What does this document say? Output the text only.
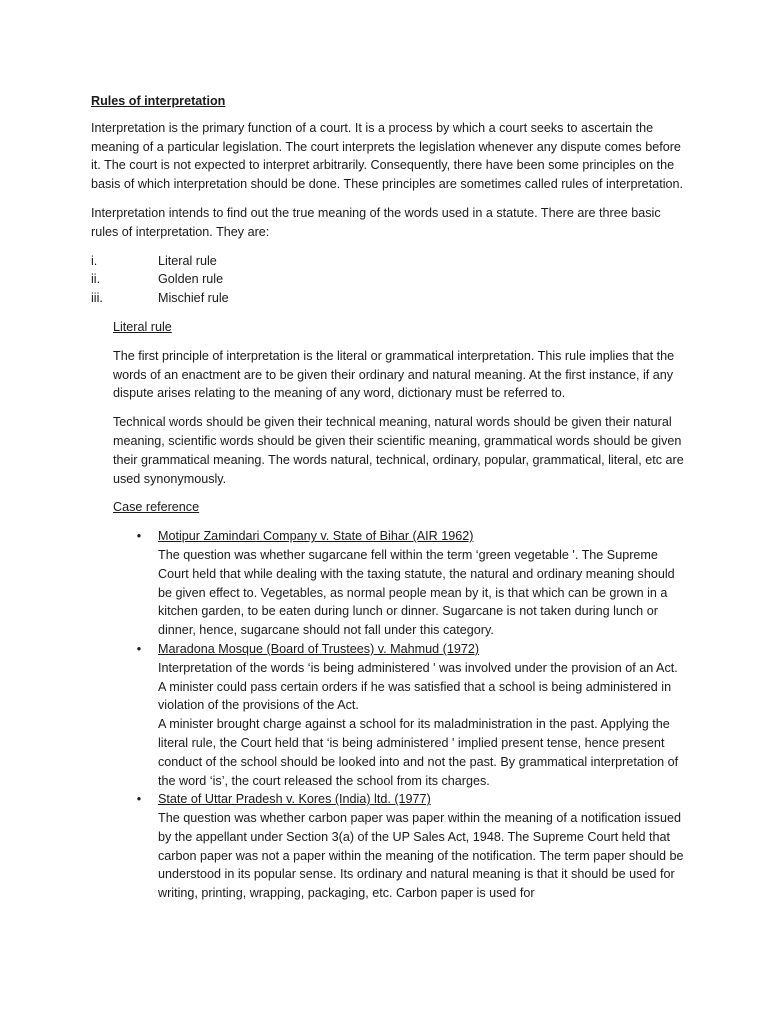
Rules of interpretation

Interpretation is the primary function of a court. It is a process by which a court seeks to ascertain the meaning of a particular legislation. The court interprets the legislation whenever any dispute comes before it. The court is not expected to interpret arbitrarily. Consequently, there have been some principles on the basis of which interpretation should be done. These principles are sometimes called rules of interpretation.

Interpretation intends to find out the true meaning of the words used in a statute. There are three basic rules of interpretation. They are:

i.	Literal rule
ii.	Golden rule
iii.	Mischief rule
Literal rule

The first principle of interpretation is the literal or grammatical interpretation. This rule implies that the words of an enactment are to be given their ordinary and natural meaning. At the first instance, if any dispute arises relating to the meaning of any word, dictionary must be referred to.

Technical words should be given their technical meaning, natural words should be given their natural meaning, scientific words should be given their scientific meaning, grammatical words should be given their grammatical meaning. The words natural, technical, ordinary, popular, grammatical, literal, etc are used synonymously.

Case reference
• Motipur Zamindari Company v. State of Bihar (AIR 1962)
The question was whether sugarcane fell within the term ‘green vegetable '. The Supreme Court held that while dealing with the taxing statute, the natural and ordinary meaning should be given effect to. Vegetables, as normal people mean by it, is that which can be grown in a kitchen garden, to be eaten during lunch or dinner. Sugarcane is not taken during lunch or dinner, hence, sugarcane should not fall under this category.
• Maradona Mosque (Board of Trustees) v. Mahmud (1972)
Interpretation of the words ‘is being administered ' was involved under the provision of an Act. A minister could pass certain orders if he was satisfied that a school is being administered in violation of the provisions of the Act.
A minister brought charge against a school for its maladministration in the past. Applying the literal rule, the Court held that ‘is being administered ' implied present tense, hence present conduct of the school should be looked into and not the past. By grammatical interpretation of the word ‘is’, the court released the school from its charges.
• State of Uttar Pradesh v. Kores (India) ltd. (1977)
The question was whether carbon paper was paper within the meaning of a notification issued by the appellant under Section 3(a) of the UP Sales Act, 1948. The Supreme Court held that carbon paper was not a paper within the meaning of the notification. The term paper should be understood in its popular sense. Its ordinary and natural meaning is that it should be used for writing, printing, wrapping, packaging, etc. Carbon paper is used for
